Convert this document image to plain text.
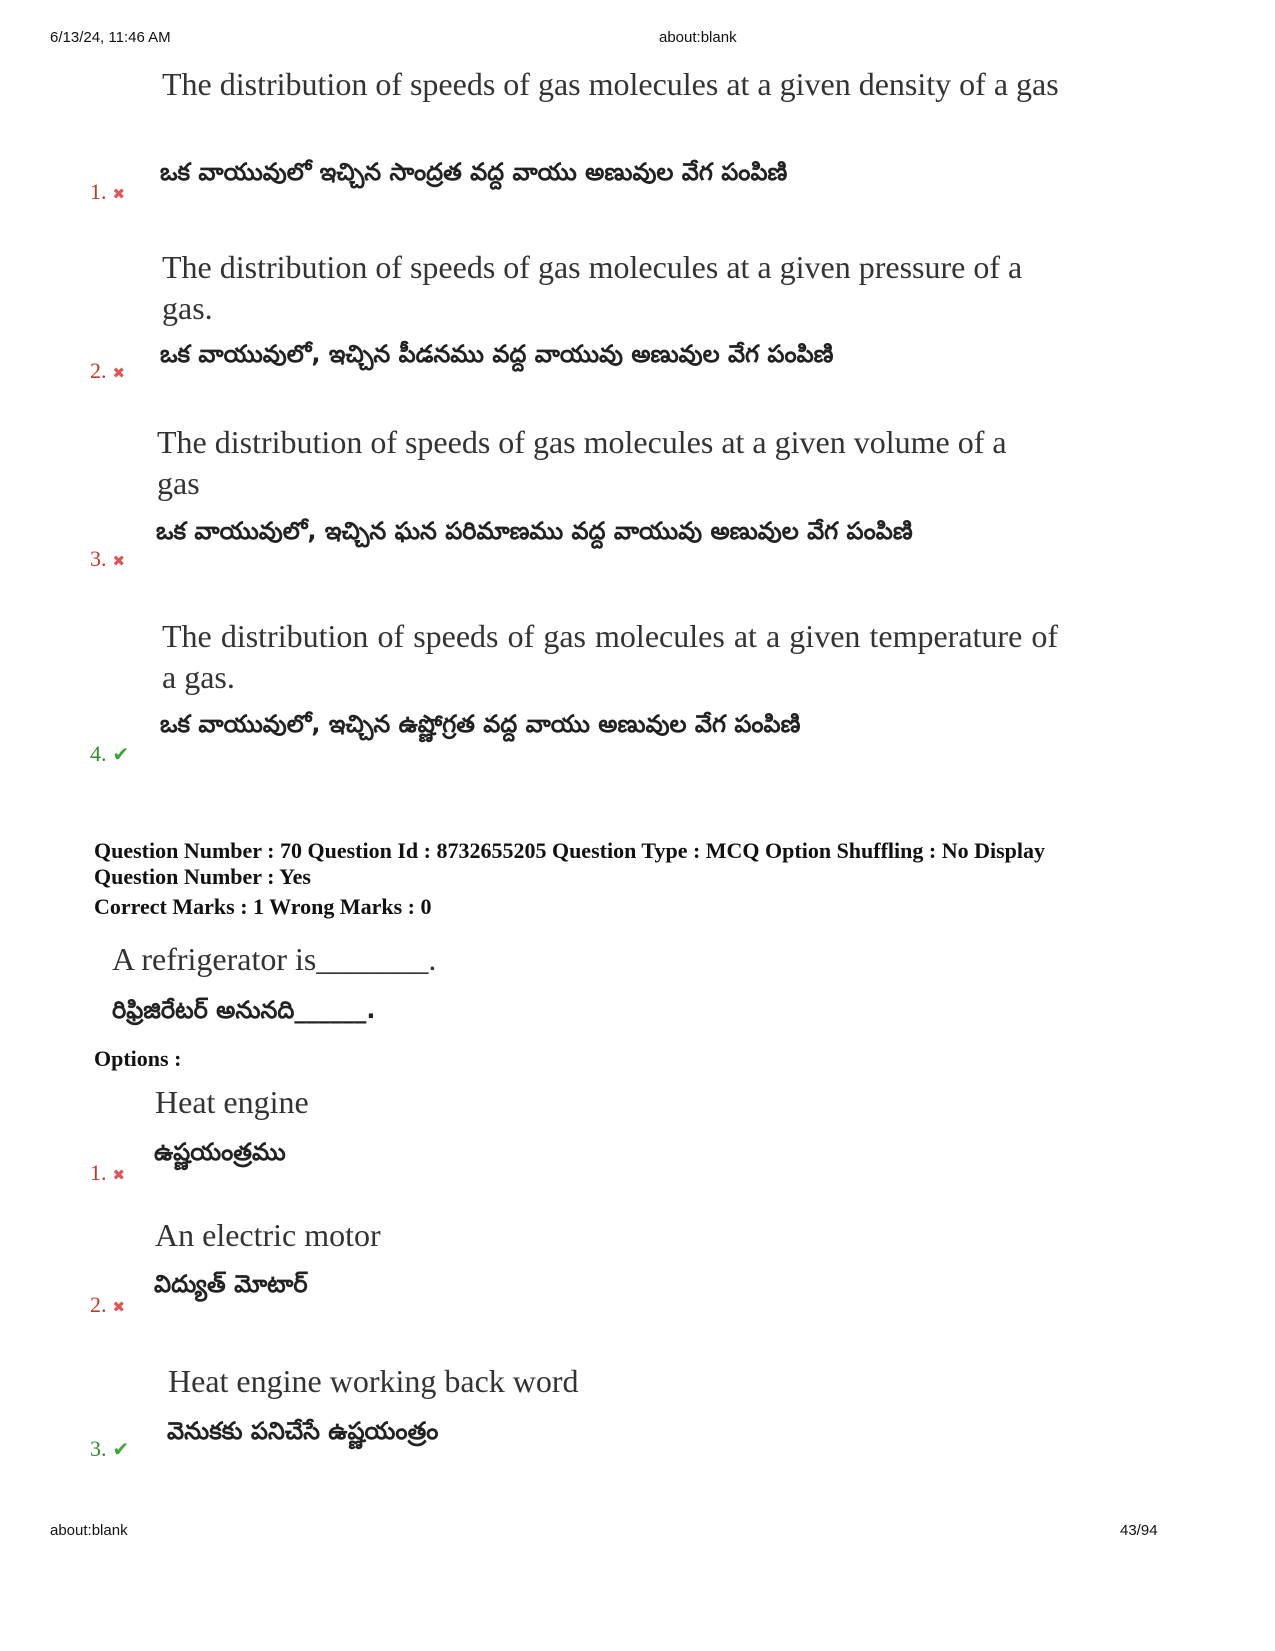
6/13/24, 11:46 AM	about:blank
The distribution of speeds of gas molecules at a given density of a gas
ఒక వాయువులో ఇచ్చిన సాంద్రత వద్ద వాయు అణువుల వేగ పంపిణి
1. ✖
The distribution of speeds of gas molecules at a given pressure of a gas.
ఒక వాయువులో, ఇచ్చిన పీడనము వద్ద వాయువు అణువుల వేగ పంపిణి
2. ✖
The distribution of speeds of gas molecules at a given volume of a gas
ఒక వాయువులో, ఇచ్చిన ఘన పరిమాణము వద్ద వాయువు అణువుల వేగ పంపిణి
3. ✖
The distribution of speeds of gas molecules at a given temperature of a gas.
ఒక వాయువులో, ఇచ్చిన ఉష్ణోగ్రత వద్ద వాయు అణువుల వేగ పంపిణి
4. ✔
Question Number : 70 Question Id : 8732655205 Question Type : MCQ Option Shuffling : No Display
Question Number : Yes
Correct Marks : 1 Wrong Marks : 0
A refrigerator is_______.
రిఫ్రిజిరేటర్ అనునది______.
Options :
Heat engine
ఉష్ణయంత్రము
1. ✖
An electric motor
విద్యుత్ మోటార్
2. ✖
Heat engine working back word
వెనుకకు పనిచేసే ఉష్ణయంత్రం
3. ✔
about:blank	43/94
